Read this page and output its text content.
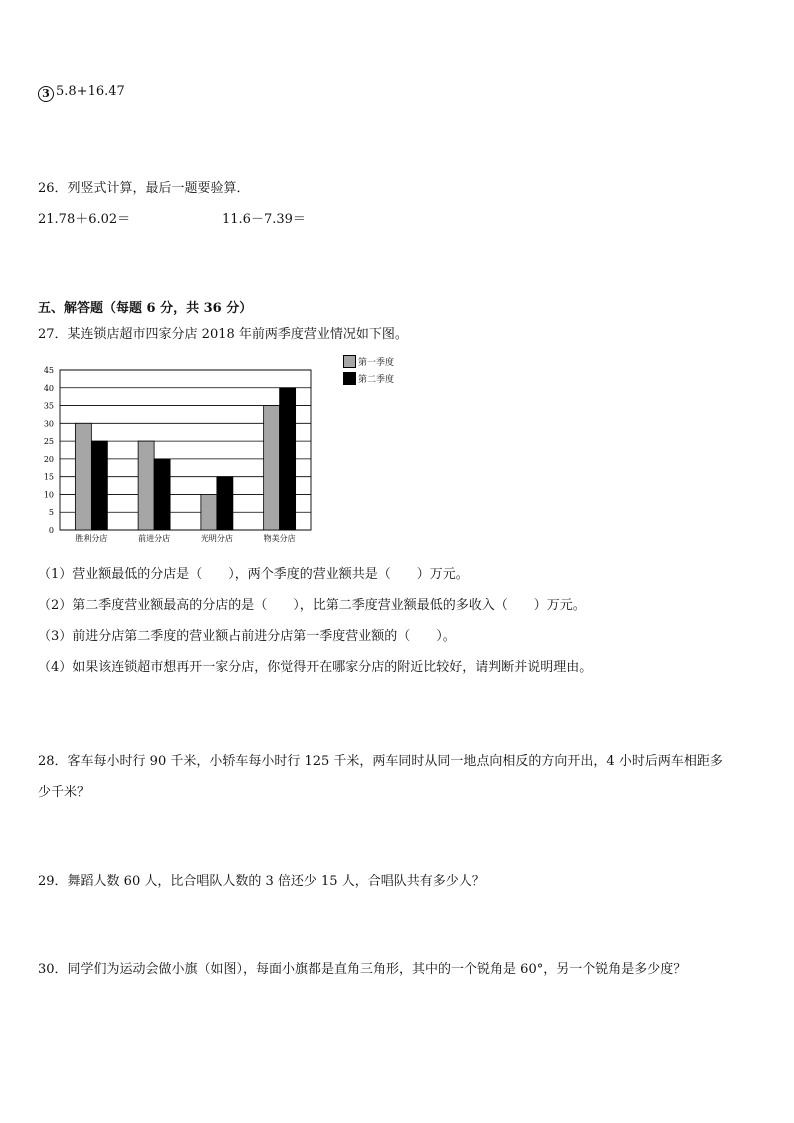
3 5.8+16.47
26．列竖式计算，最后一题要验算．
21.78＋6.02＝	11.6－7.39＝
五、解答题（每题 6 分，共 36 分）
27．某连锁店超市四家分店 2018 年前两季度营业情况如下图。
0
5
10
15
20
25
30
35
40
45
胜利分店	前进分店	光明分店	物美分店
第一季度
第二季度
（1）营业额最低的分店是（　　），两个季度的营业额共是（　　）万元。
（2）第二季度营业额最高的分店的是（　　），比第二季度营业额最低的多收入（　　）万元。
（3）前进分店第二季度的营业额占前进分店第一季度营业额的（　　）。
（4）如果该连锁超市想再开一家分店，你觉得开在哪家分店的附近比较好，请判断并说明理由。
28．客车每小时行 90 千米，小轿车每小时行 125 千米，两车同时从同一地点向相反的方向开出，4 小时后两车相距多
少千米？
29．舞蹈人数 60 人，比合唱队人数的 3 倍还少 15 人，合唱队共有多少人？
30．同学们为运动会做小旗（如图），每面小旗都是直角三角形，其中的一个锐角是 60°，另一个锐角是多少度？
